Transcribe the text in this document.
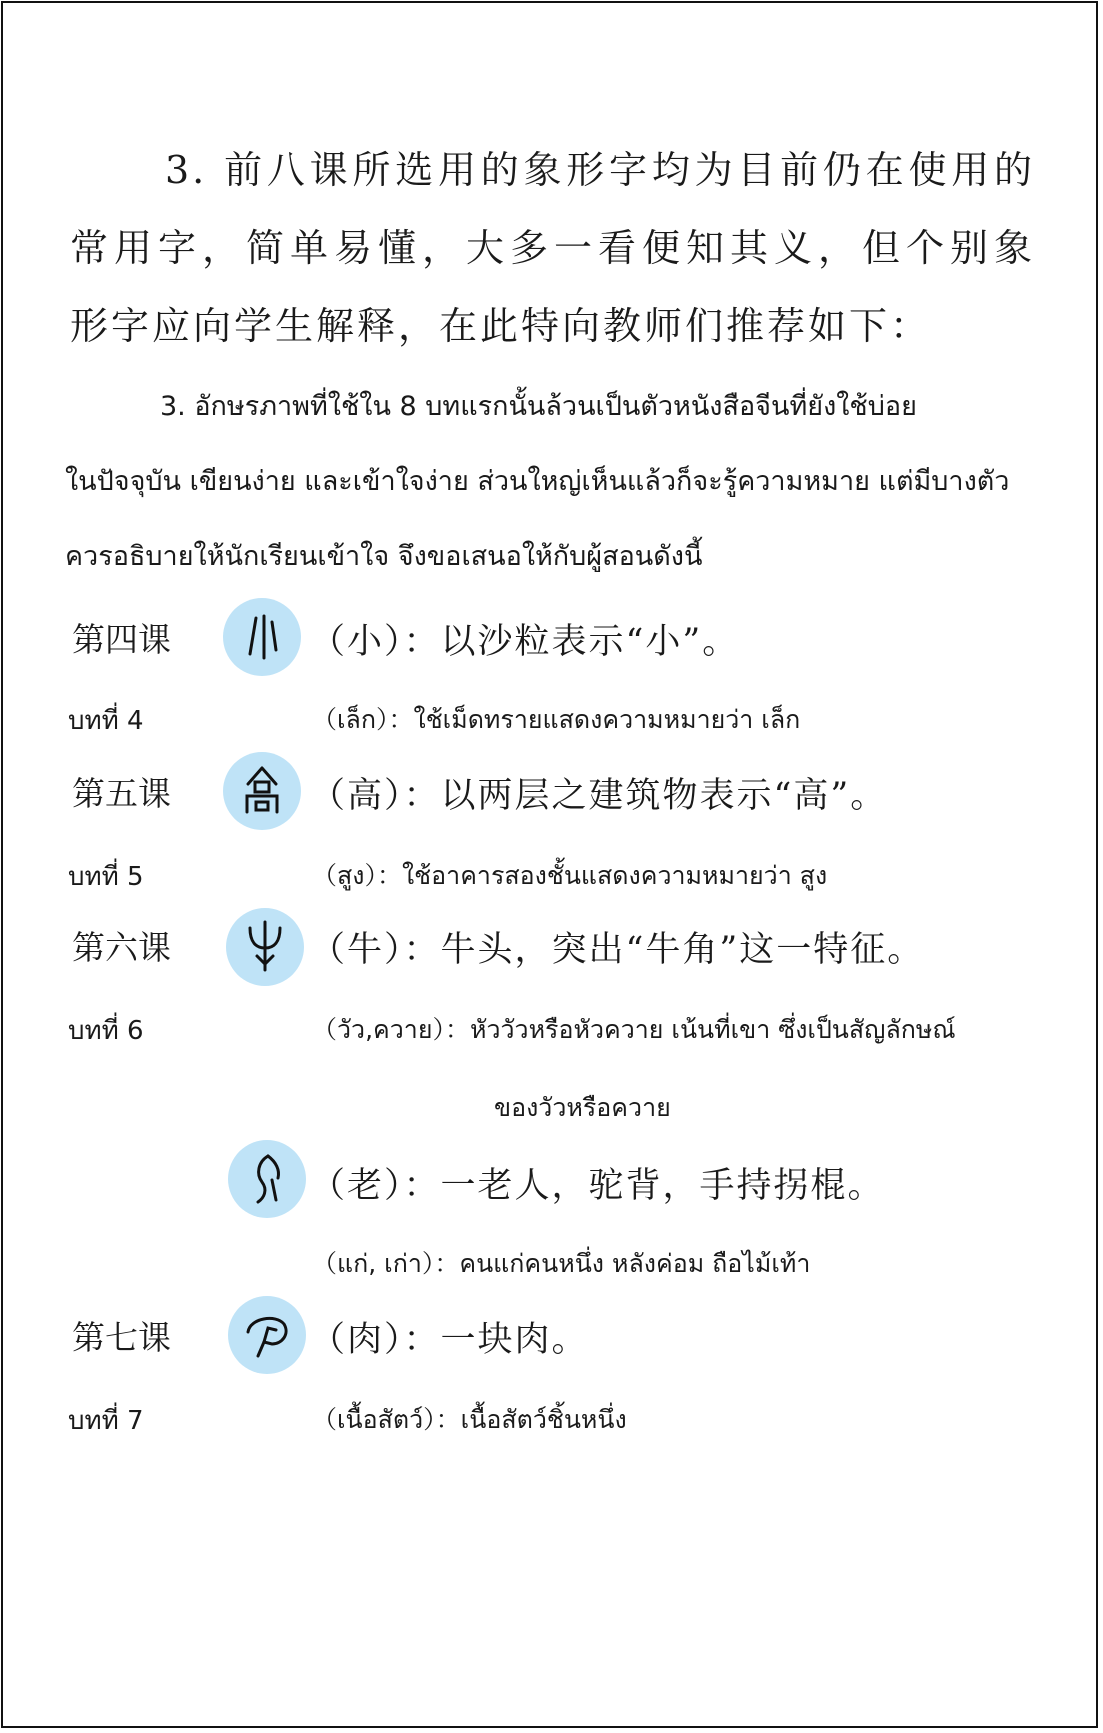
3. 前八课所选用的象形字均为目前仍在使用的
常用字，简单易懂，大多一看便知其义，但个别象
形字应向学生解释，在此特向教师们推荐如下：
3. อักษรภาพที่ใช้ใน 8 บทแรกนั้นล้วนเป็นตัวหนังสือจีนที่ยังใช้บ่อย
ในปัจจุบัน เขียนง่าย และเข้าใจง่าย ส่วนใหญ่เห็นแล้วก็จะรู้ความหมาย แต่มีบางตัว
ควรอธิบายให้นักเรียนเข้าใจ จึงขอเสนอให้กับผู้สอนดังนี้
第四课	（小）：以沙粒表示“小”。
บทที่ 4	（เล็ก）：ใช้เม็ดทรายแสดงความหมายว่า เล็ก
第五课	（高）：以两层之建筑物表示“高”。
บทที่ 5	（สูง）：ใช้อาคารสองชั้นแสดงความหมายว่า สูง
第六课	（牛）：牛头，突出“牛角”这一特征。
บทที่ 6	（วัว,ควาย）：หัววัวหรือหัวควาย เน้นที่เขา ซึ่งเป็นสัญลักษณ์
ของวัวหรือควาย
（老）：一老人，驼背，手持拐棍。
（แก่, เก่า）：คนแก่คนหนึ่ง หลังค่อม ถือไม้เท้า
第七课	（肉）：一块肉。
บทที่ 7	（เนื้อสัตว์）：เนื้อสัตว์ชิ้นหนึ่ง
